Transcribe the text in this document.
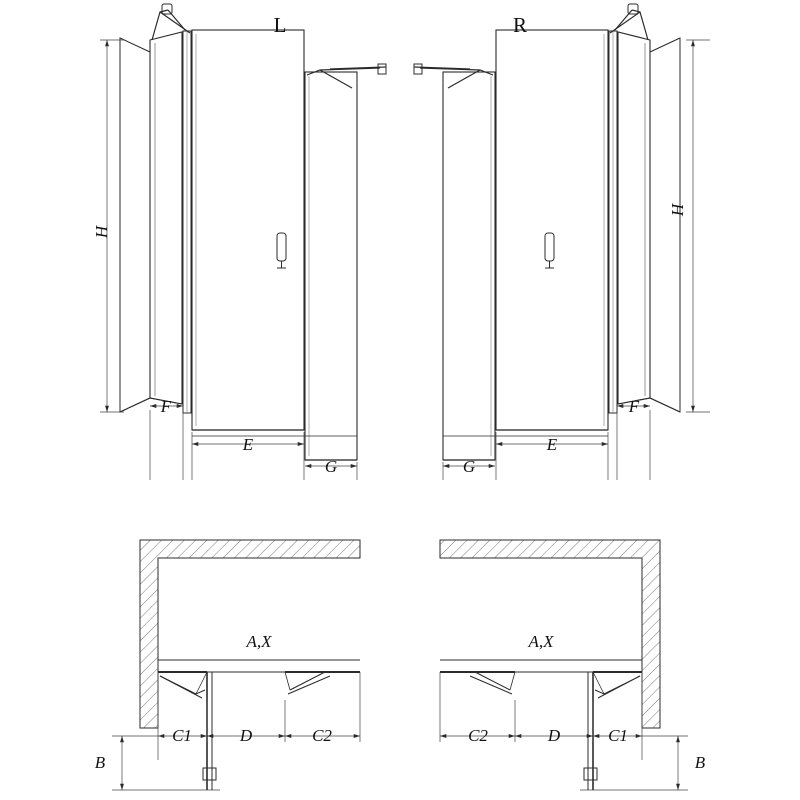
L	R
H
H
F
E
G
F
E
G
A,X	A,X
C1	D	C2
B
C2	D	C1
B
